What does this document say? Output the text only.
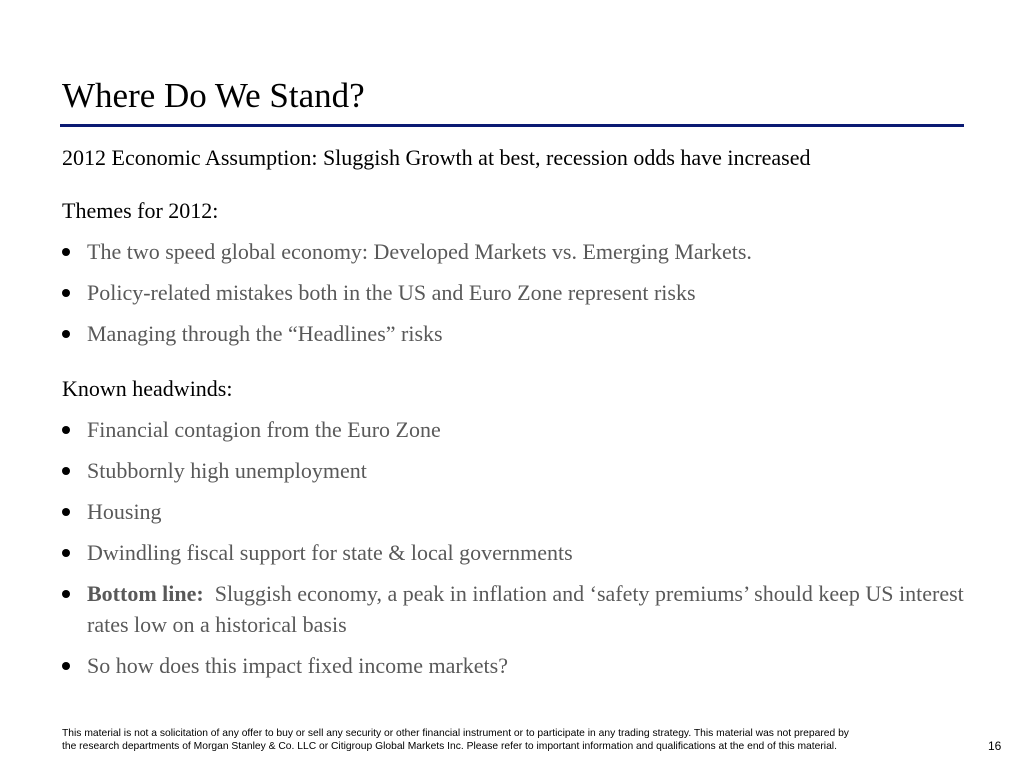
Where Do We Stand?
2012 Economic Assumption: Sluggish Growth at best, recession odds have increased
Themes for 2012:
The two speed global economy: Developed Markets vs. Emerging Markets.
Policy-related mistakes both in the US and Euro Zone represent risks
Managing through the “Headlines” risks
Known headwinds:
Financial contagion from the Euro Zone
Stubbornly high unemployment
Housing
Dwindling fiscal support for state & local governments
Bottom line: Sluggish economy, a peak in inflation and ‘safety premiums’ should keep US interest rates low on a historical basis
So how does this impact fixed income markets?
This material is not a solicitation of any offer to buy or sell any security or other financial instrument or to participate in any trading strategy. This material was not prepared by
the research departments of Morgan Stanley & Co. LLC or Citigroup Global Markets Inc. Please refer to important information and qualifications at the end of this material.	16
